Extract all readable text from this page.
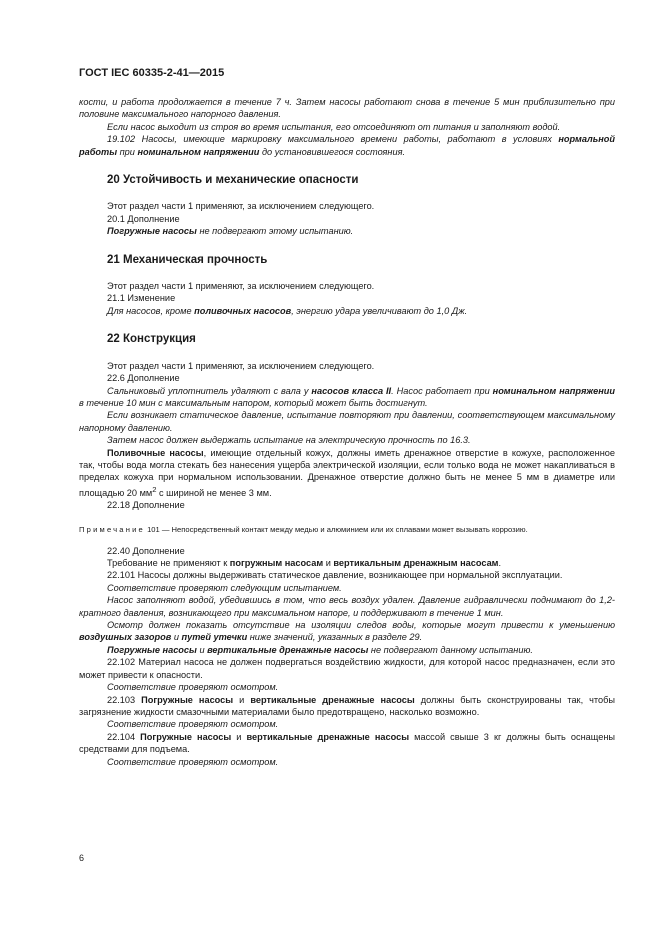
ГОСТ IEC 60335-2-41—2015

кости, и работа продолжается в течение 7 ч. Затем насосы работают снова в течение 5 мин приблизительно при половине максимального напорного давления.

Если насос выходит из строя во время испытания, его отсоединяют от питания и заполняют водой.

19.102 Насосы, имеющие маркировку максимального времени работы, работают в условиях нормальной работы при номинальном напряжении до установившегося состояния.

20 Устойчивость и механические опасности

Этот раздел части 1 применяют, за исключением следующего.

20.1 Дополнение

Погружные насосы не подвергают этому испытанию.

21 Механическая прочность

Этот раздел части 1 применяют, за исключением следующего.

21.1 Изменение

Для насосов, кроме поливочных насосов, энергию удара увеличивают до 1,0 Дж.

22 Конструкция

Этот раздел части 1 применяют, за исключением следующего.

22.6 Дополнение

Сальниковый уплотнитель удаляют с вала у насосов класса II. Насос работает при номинальном напряжении в течение 10 мин с максимальным напором, который может быть достигнут.

Если возникает статическое давление, испытание повторяют при давлении, соответствующем максимальному напорному давлению.

Затем насос должен выдержать испытание на электрическую прочность по 16.3.

Поливочные насосы, имеющие отдельный кожух, должны иметь дренажное отверстие в кожухе, расположенное так, чтобы вода могла стекать без нанесения ущерба электрической изоляции, если только вода не может накапливаться в пределах кожуха при нормальном использовании. Дренажное отверстие должно быть не менее 5 мм в диаметре или площадью 20 $мм^2$ с шириной не менее 3 мм.

22.18 Дополнение

Примечание 101 — Непосредственный контакт между медью и алюминием или их сплавами может вызывать коррозию.

22.40 Дополнение

Требование не применяют к погружным насосам и вертикальным дренажным насосам.

22.101 Насосы должны выдерживать статическое давление, возникающее при нормальной эксплуатации.

Соответствие проверяют следующим испытанием.

Насос заполняют водой, убедившись в том, что весь воздух удален. Давление гидравлически поднимают до 1,2-кратного давления, возникающего при максимальном напоре, и поддерживают в течение 1 мин.

Осмотр должен показать отсутствие на изоляции следов воды, которые могут привести к уменьшению воздушных зазоров и путей утечки ниже значений, указанных в разделе 29.

Погружные насосы и вертикальные дренажные насосы не подвергают данному испытанию.

22.102 Материал насоса не должен подвергаться воздействию жидкости, для которой насос предназначен, если это может привести к опасности.

Соответствие проверяют осмотром.

22.103 Погружные насосы и вертикальные дренажные насосы должны быть сконструированы так, чтобы загрязнение жидкости смазочными материалами было предотвращено, насколько возможно.

Соответствие проверяют осмотром.

22.104 Погружные насосы и вертикальные дренажные насосы массой свыше 3 кг должны быть оснащены средствами для подъема.

Соответствие проверяют осмотром.

6
